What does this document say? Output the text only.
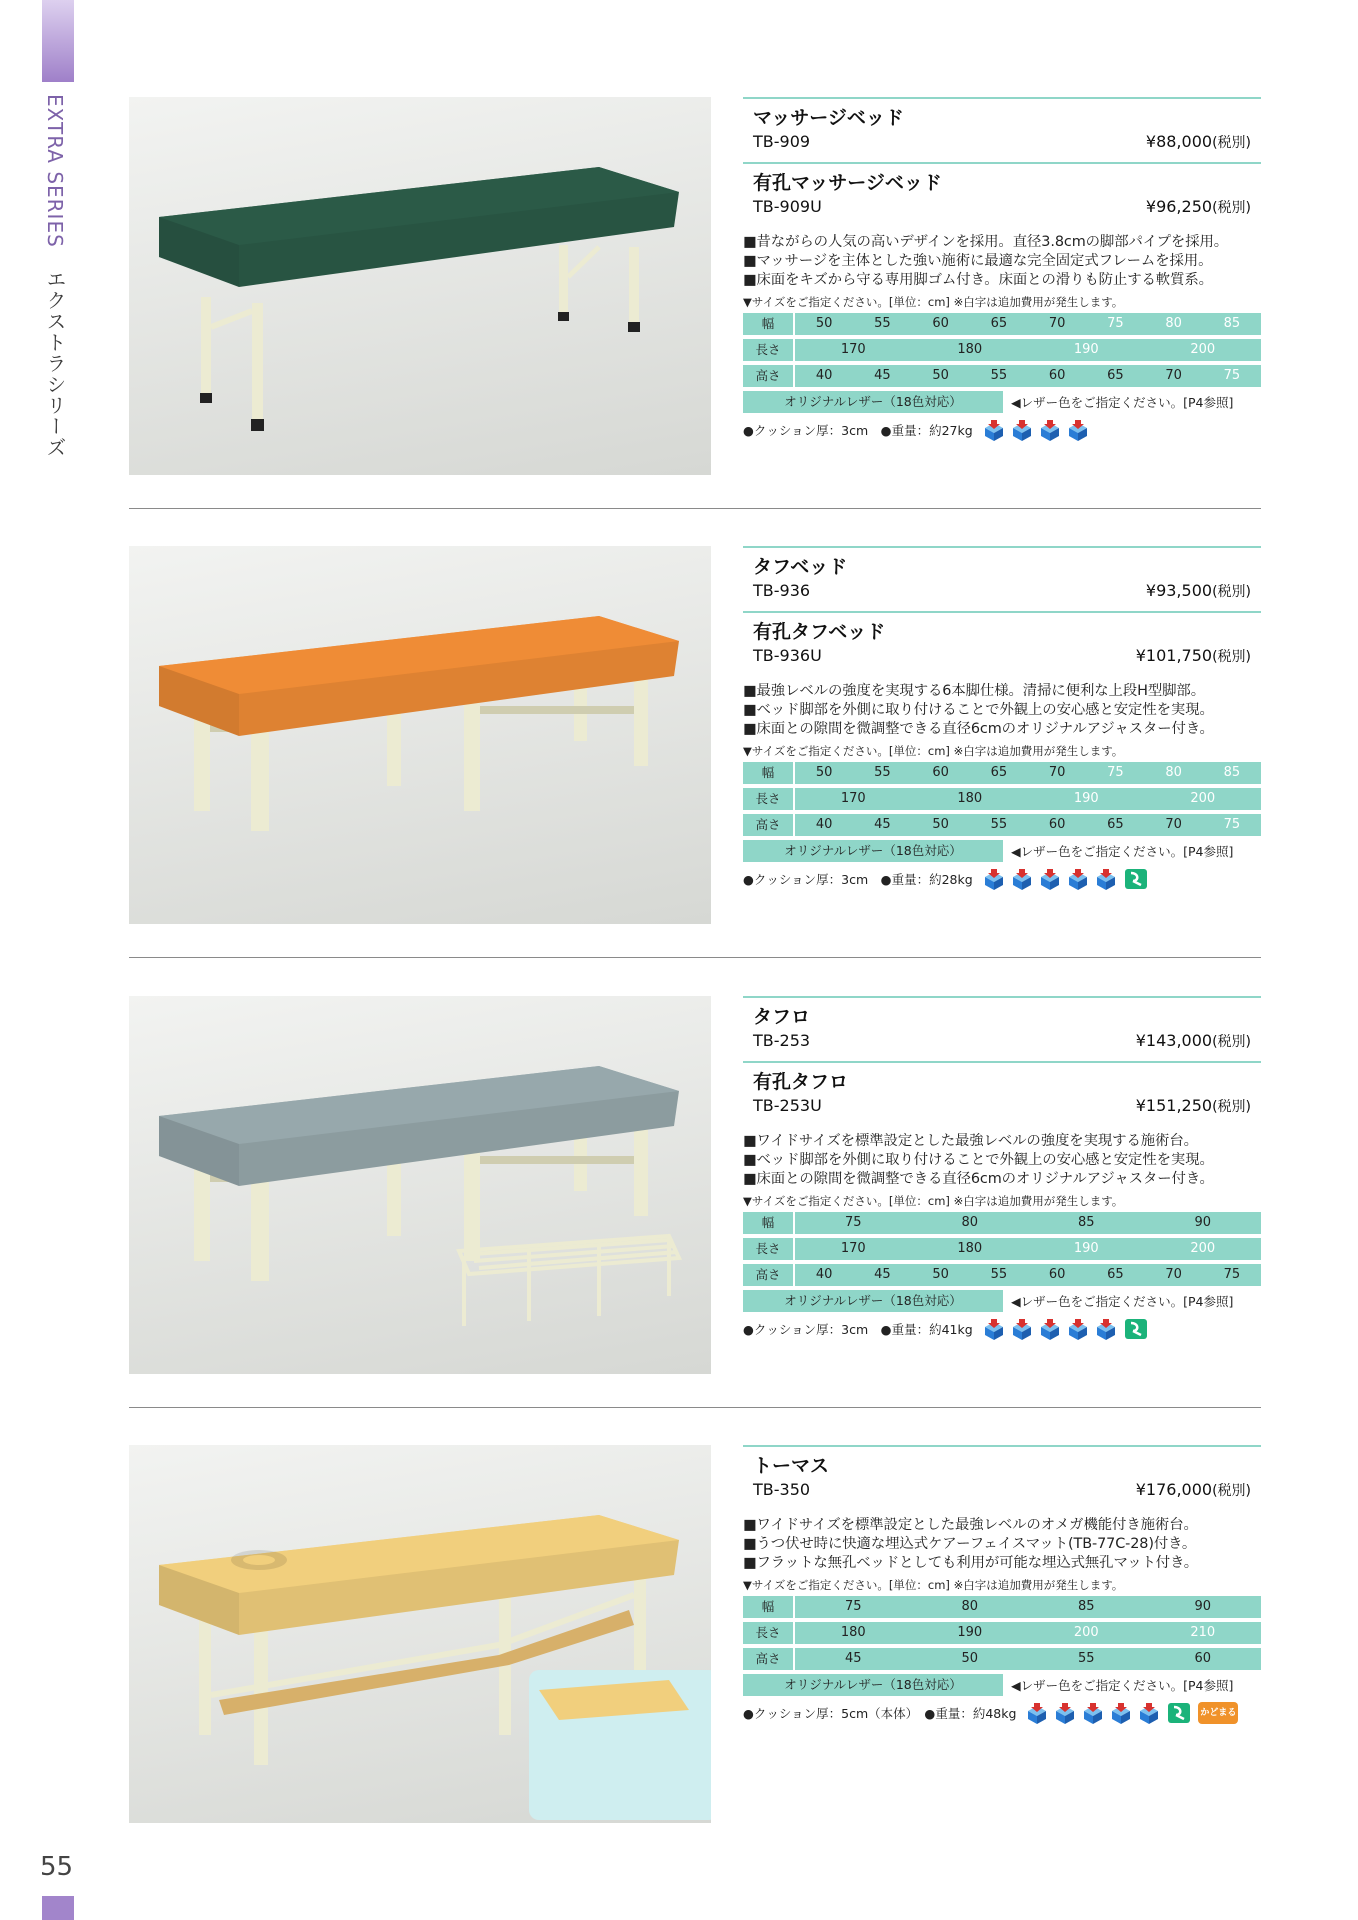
EXTRA SERIES エクストラシリーズ
55
マッサージベッド
TB-909	¥88,000(税別)
有孔マッサージベッド
TB-909U	¥96,250(税別)
■昔ながらの人気の高いデザインを採用。直径3.8cmの脚部パイプを採用。
■マッサージを主体とした強い施術に最適な完全固定式フレームを採用。
■床面をキズから守る専用脚ゴム付き。床面との滑りも防止する軟質系。
▼サイズをご指定ください。[単位：cm] ※白字は追加費用が発生します。
幅	50	55	60	65	70	75	80	85
長さ	170	180	190	200
高さ	40	45	50	55	60	65	70	75
オリジナルレザー（18色対応）	◀レザー色をご指定ください。[P4参照]
●クッション厚：3cm　●重量：約27kg
タフベッド
TB-936	¥93,500(税別)
有孔タフベッド
TB-936U	¥101,750(税別)
■最強レベルの強度を実現する6本脚仕様。清掃に便利な上段H型脚部。
■ベッド脚部を外側に取り付けることで外観上の安心感と安定性を実現。
■床面との隙間を微調整できる直径6cmのオリジナルアジャスター付き。
▼サイズをご指定ください。[単位：cm] ※白字は追加費用が発生します。
幅	50	55	60	65	70	75	80	85
長さ	170	180	190	200
高さ	40	45	50	55	60	65	70	75
オリジナルレザー（18色対応）	◀レザー色をご指定ください。[P4参照]
●クッション厚：3cm　●重量：約28kg
タフロ
TB-253	¥143,000(税別)
有孔タフロ
TB-253U	¥151,250(税別)
■ワイドサイズを標準設定とした最強レベルの強度を実現する施術台。
■ベッド脚部を外側に取り付けることで外観上の安心感と安定性を実現。
■床面との隙間を微調整できる直径6cmのオリジナルアジャスター付き。
▼サイズをご指定ください。[単位：cm] ※白字は追加費用が発生します。
幅	75	80	85	90
長さ	170	180	190	200
高さ	40	45	50	55	60	65	70	75
オリジナルレザー（18色対応）	◀レザー色をご指定ください。[P4参照]
●クッション厚：3cm　●重量：約41kg
トーマス
TB-350	¥176,000(税別)
■ワイドサイズを標準設定とした最強レベルのオメガ機能付き施術台。
■うつ伏せ時に快適な埋込式ケアーフェイスマット(TB-77C-28)付き。
■フラットな無孔ベッドとしても利用が可能な埋込式無孔マット付き。
▼サイズをご指定ください。[単位：cm] ※白字は追加費用が発生します。
幅	75	80	85	90
長さ	180	190	200	210
高さ	45	50	55	60
オリジナルレザー（18色対応）	◀レザー色をご指定ください。[P4参照]
●クッション厚：5cm（本体）　●重量：約48kg	かどまる
